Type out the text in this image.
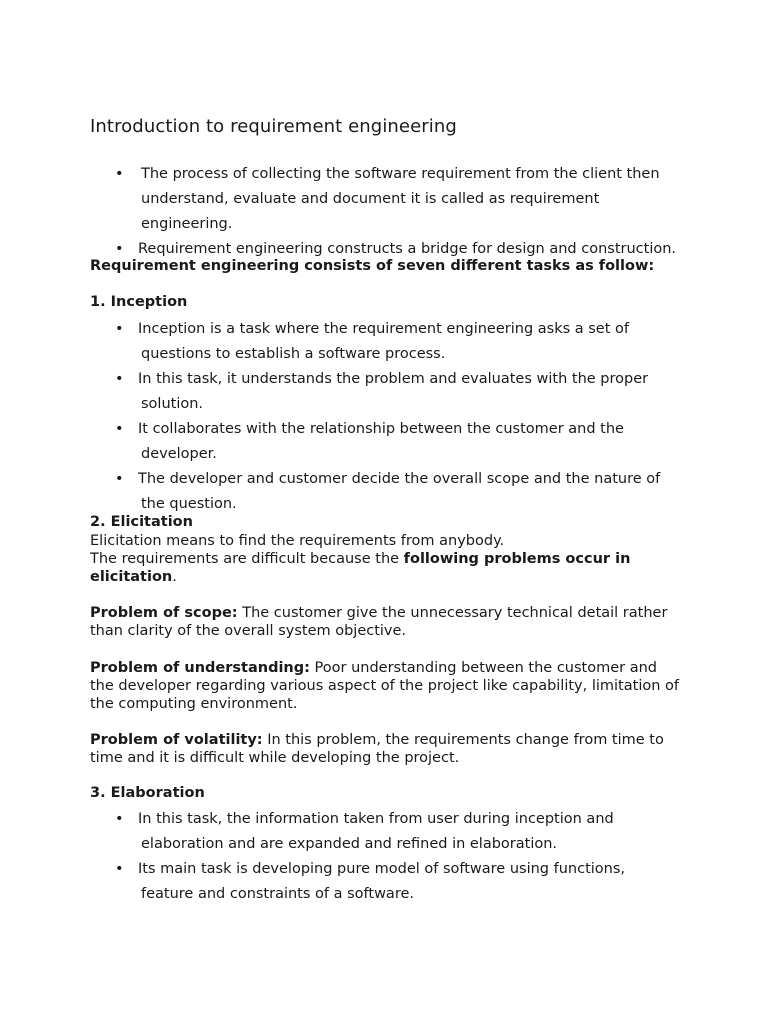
Introduction to requirement engineering
• The process of collecting the software requirement from the client then
understand, evaluate and document it is called as requirement
engineering.
• Requirement engineering constructs a bridge for design and construction.

Requirement engineering consists of seven different tasks as follow:

1. Inception

• Inception is a task where the requirement engineering asks a set of
questions to establish a software process.
• In this task, it understands the problem and evaluates with the proper
solution.
• It collaborates with the relationship between the customer and the
developer.
• The developer and customer decide the overall scope and the nature of
the question.

2. Elicitation

Elicitation means to find the requirements from anybody.
The requirements are difficult because the following problems occur in elicitation.

Problem of scope: The customer give the unnecessary technical detail rather than clarity of the overall system objective.

Problem of understanding: Poor understanding between the customer and the developer regarding various aspect of the project like capability, limitation of the computing environment.

Problem of volatility: In this problem, the requirements change from time to time and it is difficult while developing the project.

3. Elaboration

• In this task, the information taken from user during inception and
elaboration and are expanded and refined in elaboration.
• Its main task is developing pure model of software using functions,
feature and constraints of a software.
